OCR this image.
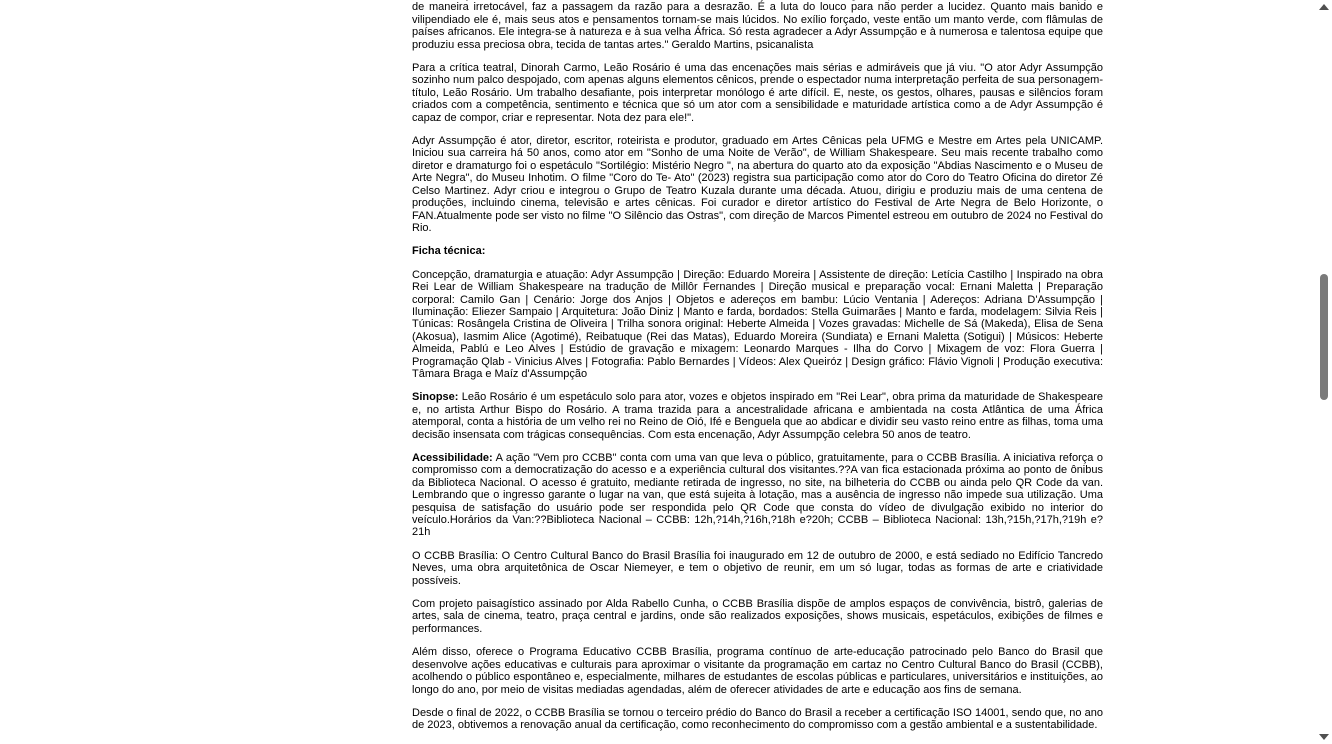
de maneira irretocável, faz a passagem da razão para a desrazão. É a luta do louco para não perder a lucidez. Quanto mais banido e vilipendiado ele é, mais seus atos e pensamentos tornam-se mais lúcidos. No exílio forçado, veste então um manto verde, com flâmulas de países africanos. Ele integra-se à natureza e à sua velha África. Só resta agradecer a Adyr Assumpção e à numerosa e talentosa equipe que produziu essa preciosa obra, tecida de tantas artes." Geraldo Martins, psicanalista

Para a crítica teatral, Dinorah Carmo, Leão Rosário é uma das encenações mais sérias e admiráveis que já viu. "O ator Adyr Assumpção sozinho num palco despojado, com apenas alguns elementos cênicos, prende o espectador numa interpretação perfeita de sua personagem-título, Leão Rosário. Um trabalho desafiante, pois interpretar monólogo é arte difícil. E, neste, os gestos, olhares, pausas e silêncios foram criados com a competência, sentimento e técnica que só um ator com a sensibilidade e maturidade artística como a de Adyr Assumpção é capaz de compor, criar e representar. Nota dez para ele!".

Adyr Assumpção é ator, diretor, escritor, roteirista e produtor, graduado em Artes Cênicas pela UFMG e Mestre em Artes pela UNICAMP. Iniciou sua carreira há 50 anos, como ator em "Sonho de uma Noite de Verão", de William Shakespeare. Seu mais recente trabalho como diretor e dramaturgo foi o espetáculo "Sortilégio: Mistério Negro ", na abertura do quarto ato da exposição "Abdias Nascimento e o Museu de Arte Negra", do Museu Inhotim. O filme "Coro do Te- Ato" (2023) registra sua participação como ator do Coro do Teatro Oficina do diretor Zé Celso Martinez. Adyr criou e integrou o Grupo de Teatro Kuzala durante uma década. Atuou, dirigiu e produziu mais de uma centena de produções, incluindo cinema, televisão e artes cênicas. Foi curador e diretor artístico do Festival de Arte Negra de Belo Horizonte, o FAN.Atualmente pode ser visto no filme "O Silêncio das Ostras", com direção de Marcos Pimentel estreou em outubro de 2024 no Festival do Rio.

Ficha técnica:

Concepção, dramaturgia e atuação: Adyr Assumpção | Direção: Eduardo Moreira | Assistente de direção: Letícia Castilho | Inspirado na obra Rei Lear de William Shakespeare na tradução de Millôr Fernandes | Direção musical e preparação vocal: Ernani Maletta | Preparação corporal: Camilo Gan | Cenário: Jorge dos Anjos | Objetos e adereços em bambu: Lúcio Ventania | Adereços: Adriana D'Assumpção | Iluminação: Eliezer Sampaio | Arquitetura: João Diniz | Manto e farda, bordados: Stella Guimarães | Manto e farda, modelagem: Silvia Reis | Túnicas: Rosângela Cristina de Oliveira | Trilha sonora original: Heberte Almeida | Vozes gravadas: Michelle de Sá (Makeda), Elisa de Sena (Akosua), Iasmim Alice (Agotimé), Reibatuque (Rei das Matas), Eduardo Moreira (Sundiata) e Ernani Maletta (Sotigui) | Músicos: Heberte Almeida, Pablú e Leo Alves | Estúdio de gravação e mixagem: Leonardo Marques - Ilha do Corvo | Mixagem de voz: Flora Guerra | Programação Qlab - Vinicius Alves | Fotografia: Pablo Bernardes | Vídeos: Alex Queiróz | Design gráfico: Flávio Vignoli | Produção executiva: Tâmara Braga e Maíz d'Assumpção

Sinopse: Leão Rosário é um espetáculo solo para ator, vozes e objetos inspirado em "Rei Lear", obra prima da maturidade de Shakespeare e, no artista Arthur Bispo do Rosário. A trama trazida para a ancestralidade africana e ambientada na costa Atlântica de uma África atemporal, conta a história de um velho rei no Reino de Oió, Ifé e Benguela que ao abdicar e dividir seu vasto reino entre as filhas, toma uma decisão insensata com trágicas consequências. Com esta encenação, Adyr Assumpção celebra 50 anos de teatro.

Acessibilidade: A ação "Vem pro CCBB" conta com uma van que leva o público, gratuitamente, para o CCBB Brasília. A iniciativa reforça o compromisso com a democratização do acesso e a experiência cultural dos visitantes.??A van fica estacionada próxima ao ponto de ônibus da Biblioteca Nacional. O acesso é gratuito, mediante retirada de ingresso, no site, na bilheteria do CCBB ou ainda pelo QR Code da van. Lembrando que o ingresso garante o lugar na van, que está sujeita à lotação, mas a ausência de ingresso não impede sua utilização. Uma pesquisa de satisfação do usuário pode ser respondida pelo QR Code que consta do vídeo de divulgação exibido no interior do veículo.Horários da Van:??Biblioteca Nacional – CCBB: 12h,?14h,?16h,?18h e?20h; CCBB – Biblioteca Nacional: 13h,?15h,?17h,?19h e?21h

O CCBB Brasília: O Centro Cultural Banco do Brasil Brasília foi inaugurado em 12 de outubro de 2000, e está sediado no Edifício Tancredo Neves, uma obra arquitetônica de Oscar Niemeyer, e tem o objetivo de reunir, em um só lugar, todas as formas de arte e criatividade possíveis.

Com projeto paisagístico assinado por Alda Rabello Cunha, o CCBB Brasília dispõe de amplos espaços de convivência, bistrô, galerias de artes, sala de cinema, teatro, praça central e jardins, onde são realizados exposições, shows musicais, espetáculos, exibições de filmes e performances.

Além disso, oferece o Programa Educativo CCBB Brasília, programa contínuo de arte-educação patrocinado pelo Banco do Brasil que desenvolve ações educativas e culturais para aproximar o visitante da programação em cartaz no Centro Cultural Banco do Brasil (CCBB), acolhendo o público espontâneo e, especialmente, milhares de estudantes de escolas públicas e particulares, universitários e instituições, ao longo do ano, por meio de visitas mediadas agendadas, além de oferecer atividades de arte e educação aos fins de semana.

Desde o final de 2022, o CCBB Brasília se tornou o terceiro prédio do Banco do Brasil a receber a certificação ISO 14001, sendo que, no ano de 2023, obtivemos a renovação anual da certificação, como reconhecimento do compromisso com a gestão ambiental e a sustentabilidade.
